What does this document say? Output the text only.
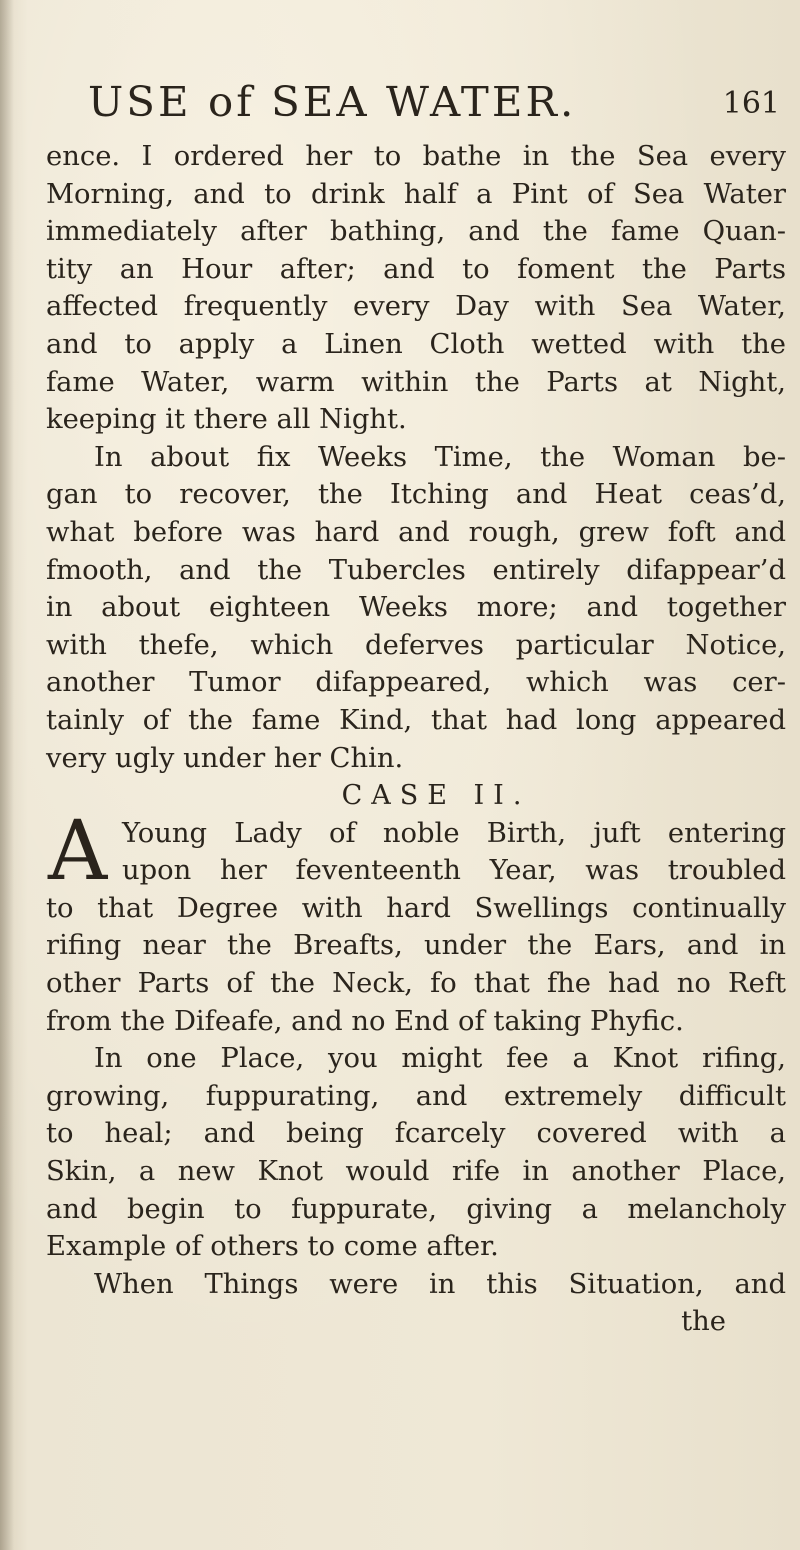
USE of SEA WATER.	161
ence. I ordered her to bathe in the Sea every
Morning, and to drink half a Pint of Sea Water
immediately after bathing, and the fame Quan-
tity an Hour after; and to foment the Parts
affected frequently every Day with Sea Water,
and to apply a Linen Cloth wetted with the
fame Water, warm within the Parts at Night,
keeping it there all Night.
In about fix Weeks Time, the Woman be-
gan to recover, the Itching and Heat ceas’d,
what before was hard and rough, grew foft and
fmooth, and the Tubercles entirely difappear’d
in about eighteen Weeks more; and together
with thefe, which deferves particular Notice,
another Tumor difappeared, which was cer-
tainly of the fame Kind, that had long appeared
very ugly under her Chin.
CASE II.
A Young Lady of noble Birth, juft entering
upon her feventeenth Year, was troubled
to that Degree with hard Swellings continually
rifing near the Breafts, under the Ears, and in
other Parts of the Neck, fo that fhe had no Reft
from the Difeafe, and no End of taking Phyfic.
In one Place, you might fee a Knot rifing,
growing, fuppurating, and extremely difficult
to heal; and being fcarcely covered with a
Skin, a new Knot would rife in another Place,
and begin to fuppurate, giving a melancholy
Example of others to come after.
When Things were in this Situation, and
the
